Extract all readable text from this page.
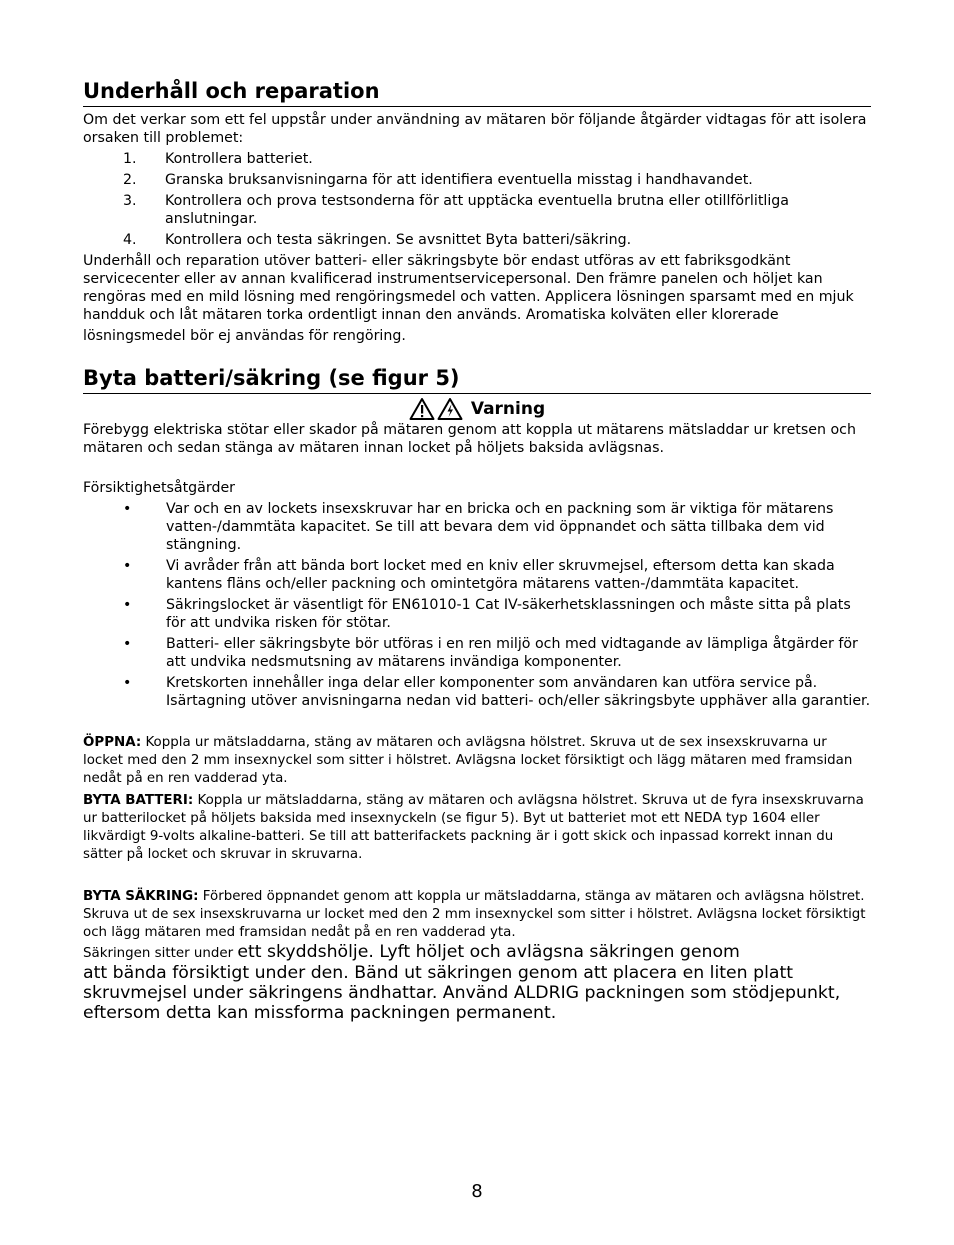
Underhåll och reparation

Om det verkar som ett fel uppstår under användning av mätaren bör följande åtgärder vidtagas för att isolera orsaken till problemet:

1.	Kontrollera batteriet.
2.	Granska bruksanvisningarna för att identifiera eventuella misstag i handhavandet.
3.	Kontrollera och prova testsonderna för att upptäcka eventuella brutna eller otillförlitliga anslutningar.
4.	Kontrollera och testa säkringen. Se avsnittet Byta batteri/säkring.

Underhåll och reparation utöver batteri- eller säkringsbyte bör endast utföras av ett fabriksgodkänt servicecenter eller av annan kvalificerad instrumentservicepersonal. Den främre panelen och höljet kan rengöras med en mild lösning med rengöringsmedel och vatten. Applicera lösningen sparsamt med en mjuk handduk och låt mätaren torka ordentligt innan den används. Aromatiska kolväten eller klorerade
lösningsmedel bör ej användas för rengöring.

Byta batteri/säkring (se figur 5)
Varning

Förebygg elektriska stötar eller skador på mätaren genom att koppla ut mätarens mätsladdar ur kretsen och mätaren och sedan stänga av mätaren innan locket på höljets baksida avlägsnas.

Försiktighetsåtgärder

•	Var och en av lockets insexskruvar har en bricka och en packning som är viktiga för mätarens vatten-/dammtäta kapacitet. Se till att bevara dem vid öppnandet och sätta tillbaka dem vid stängning.
•	Vi avråder från att bända bort locket med en kniv eller skruvmejsel, eftersom detta kan skada kantens fläns och/eller packning och omintetgöra mätarens vatten-/dammtäta kapacitet.
•	Säkringslocket är väsentligt för EN61010-1 Cat IV-säkerhetsklassningen och måste sitta på plats för att undvika risken för stötar.
•	Batteri- eller säkringsbyte bör utföras i en ren miljö och med vidtagande av lämpliga åtgärder för att undvika nedsmutsning av mätarens invändiga komponenter.
•	Kretskorten innehåller inga delar eller komponenter som användaren kan utföra service på. Isärtagning utöver anvisningarna nedan vid batteri- och/eller säkringsbyte upphäver alla garantier.

ÖPPNA: Koppla ur mätsladdarna, stäng av mätaren och avlägsna hölstret. Skruva ut de sex insexskruvarna ur locket med den 2 mm insexnyckel som sitter i hölstret. Avlägsna locket försiktigt och lägg mätaren med framsidan nedåt på en ren vadderad yta.

BYTA BATTERI: Koppla ur mätsladdarna, stäng av mätaren och avlägsna hölstret. Skruva ut de fyra insexskruvarna ur batterilocket på höljets baksida med insexnyckeln (se figur 5). Byt ut batteriet mot ett NEDA typ 1604 eller likvärdigt 9-volts alkaline-batteri. Se till att batterifackets packning är i gott skick och inpassad korrekt innan du sätter på locket och skruvar in skruvarna.

BYTA SÄKRING: Förbered öppnandet genom att koppla ur mätsladdarna, stänga av mätaren och avlägsna hölstret. Skruva ut de sex insexskruvarna ur locket med den 2 mm insexnyckel som sitter i hölstret. Avlägsna locket försiktigt och lägg mätaren med framsidan nedåt på en ren vadderad yta.
Säkringen sitter under ett skyddshölje. Lyft höljet och avlägsna säkringen genom
att bända försiktigt under den. Bänd ut säkringen genom att placera en liten platt skruvmejsel under säkringens ändhattar. Använd ALDRIG packningen som stödjepunkt, eftersom detta kan missforma packningen permanent.

8
